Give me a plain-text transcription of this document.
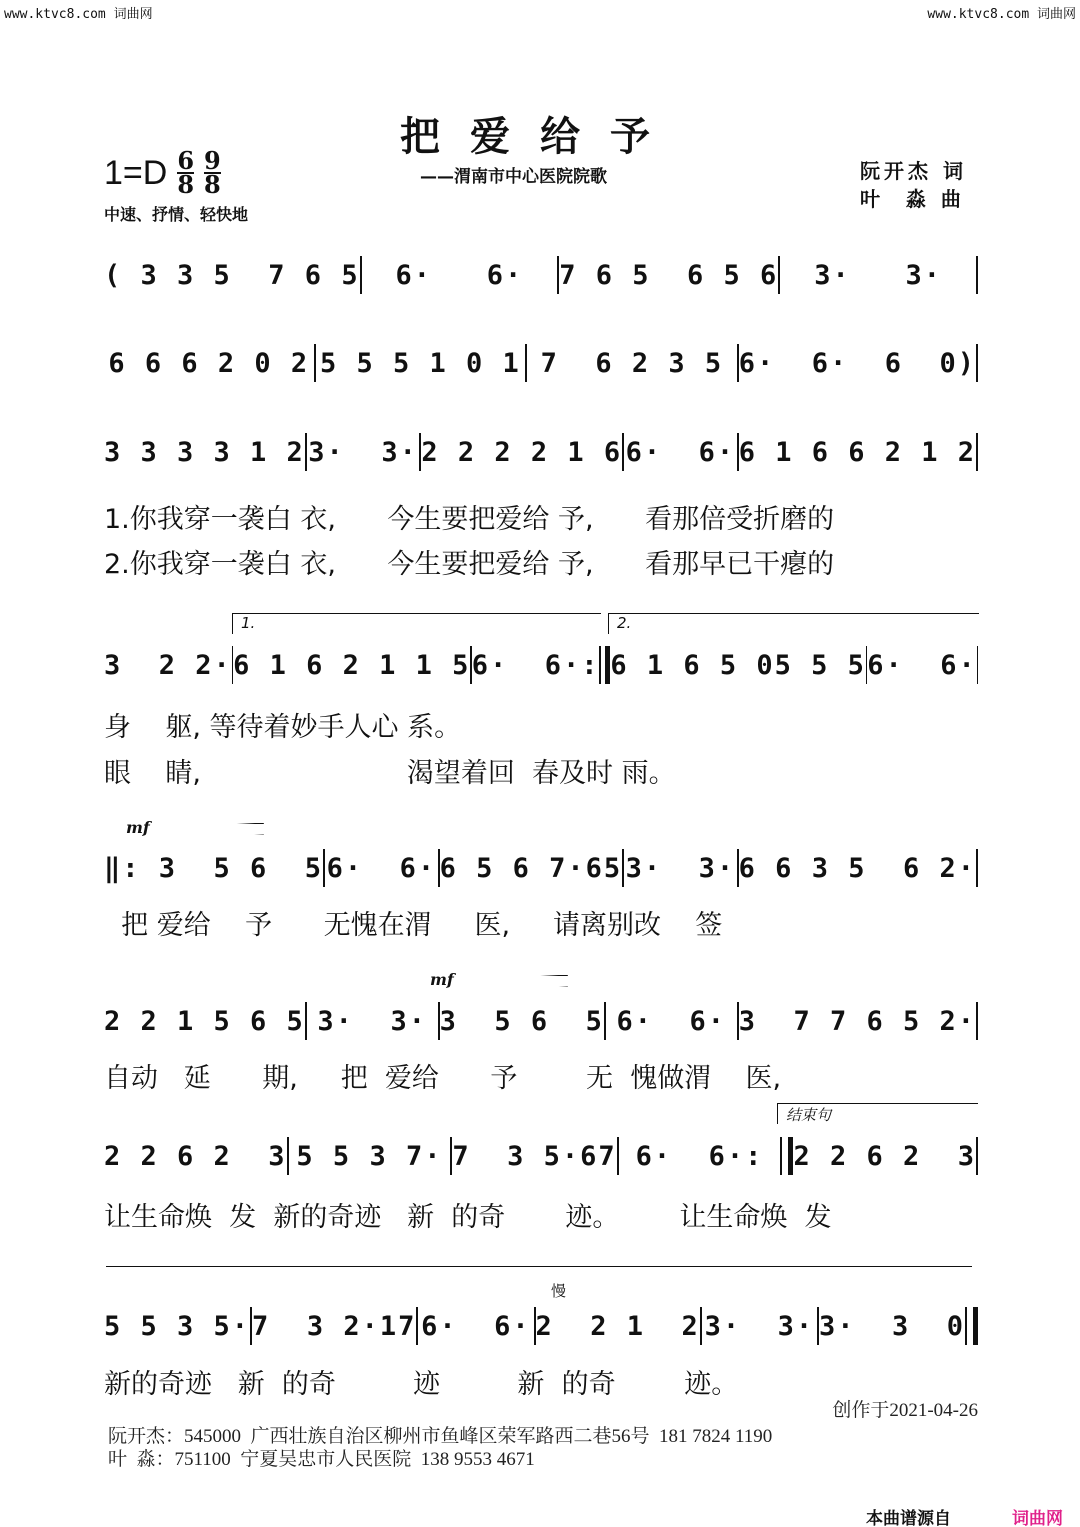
www.ktvc8.com 词曲网	www.ktvc8.com 词曲网
把爱给予
——渭南市中心医院院歌
$1=D \frac{6}{8} \frac{9}{8}$
中速、抒情、轻快地
阮开杰 词
叶  淼 曲
( 3 3 5  7 6 5	6·   6·	7 6 5  6 5 6	3·   3·
6 6 6 2 0 2 5 5 5 1 0 1 7  6 2 3 5 6·  6·  6  0)
3 3 3 3 1 2 3·  3· 2 2 2 2 1 6 6·  6· 6 1 6 6 2 1 2
3  2 2· 6 1 6 2 1 1 5 6·  6·: 6 1 6 5 05 5 5 6·  6·
‖: 3  5 6  5 6·  6· 6 5 6 7·65 3·  3· 6 6 3 5  6 2·
2 2 1 5 6 5 3·  3· 3  5 6  5 6·  6· 3  7 7 6 5 2·
2 2 6 2  3 5 5 3 7· 7  3 5·67 6·  6·:	2 2 6 2  3
5 5 3 5· 7  3 2·17 6·  6· 2  2 1  2 3·  3· 3·  3  0
1.你我穿一袭白 衣,      今生要把爱给 予,      看那倍受折磨的
2.你我穿一袭白 衣,      今生要把爱给 予,      看那早已干瘪的
身    躯, 等待着妙手人心 系。
眼    睛,                        渴望着回  春及时 雨。
把 爱给    予      无愧在渭     医,     请离别改    签
自动   延      期,     把  爱给      予        无  愧做渭    医,
让生命焕  发  新的奇迹   新  的奇       迹。       让生命焕  发
新的奇迹   新  的奇         迹         新  的奇        迹。
1.	2.
结束句
mf
mf
慢
创作于2021-04-26
阮开杰：545000  广西壮族自治区柳州市鱼峰区荣军路西二巷56号  181 7824 1190
叶  淼：751100  宁夏吴忠市人民医院  138 9553 4671
本曲谱源自	词曲网
